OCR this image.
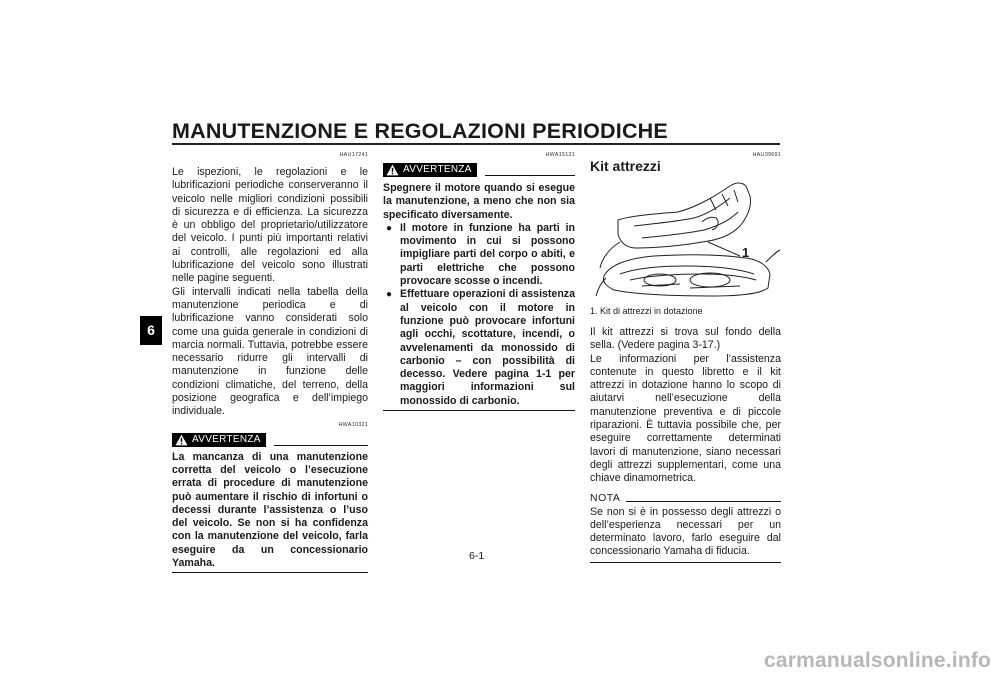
MANUTENZIONE E REGOLAZIONI PERIODICHE
6
HAU17241

Le ispezioni, le regolazioni e le lubrificazioni periodiche conserveranno il veicolo nelle migliori condizioni possibili di sicurezza e di efficienza. La sicurezza è un obbligo del proprietario/utilizzatore del veicolo. I punti più importanti relativi ai controlli, alle regolazioni ed alla lubrificazione del veicolo sono illustrati nelle pagine seguenti.

Gli intervalli indicati nella tabella della manutenzione periodica e di lubrificazione vanno considerati solo come una guida generale in condizioni di marcia normali. Tuttavia, potrebbe essere necessario ridurre gli intervalli di manutenzione in funzione delle condizioni climatiche, del terreno, della posizione geografica e dell’impiego individuale.

HWA10321
AVVERTENZA
La mancanza di una manutenzione corretta del veicolo o l’esecuzione errata di procedure di manutenzione può aumentare il rischio di infortuni o decessi durante l’assistenza o l’uso del veicolo. Se non si ha confidenza con la manutenzione del veicolo, farla eseguire da un concessionario Yamaha.
HWA15121
AVVERTENZA

Spegnere il motore quando si esegue la manutenzione, a meno che non sia specificato diversamente.

● Il motore in funzione ha parti in movimento in cui si possono impigliare parti del corpo o abiti, e parti elettriche che possono provocare scosse o incendi.
● Effettuare operazioni di assistenza al veicolo con il motore in funzione può provocare infortuni agli occhi, scottature, incendi, o avvelenamenti da monossido di carbonio – con possibilità di decesso. Vedere pagina 1-1 per maggiori informazioni sul monossido di carbonio.
HAU39691
Kit attrezzi
1
1. Kit di attrezzi in dotazione

Il kit attrezzi si trova sul fondo della sella. (Vedere pagina 3-17.)

Le informazioni per l’assistenza contenute in questo libretto e il kit attrezzi in dotazione hanno lo scopo di aiutarvi nell’esecuzione della manutenzione preventiva e di piccole riparazioni. È tuttavia possibile che, per eseguire correttamente determinati lavori di manutenzione, siano necessari degli attrezzi supplementari, come una chiave dinamometrica.

NOTA
Se non si è in possesso degli attrezzi o dell’esperienza necessari per un determinato lavoro, farlo eseguire dal concessionario Yamaha di fiducia.
6-1
carmanualsonline.info
